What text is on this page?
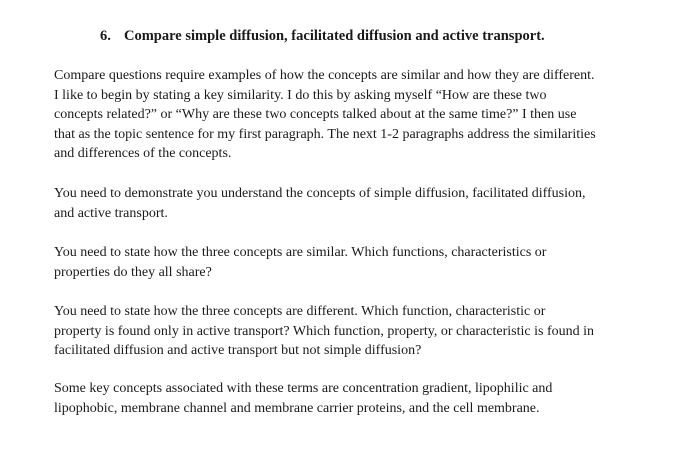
6. Compare simple diffusion, facilitated diffusion and active transport.

Compare questions require examples of how the concepts are similar and how they are different.
I like to begin by stating a key similarity. I do this by asking myself “How are these two
concepts related?” or “Why are these two concepts talked about at the same time?” I then use
that as the topic sentence for my first paragraph. The next 1-2 paragraphs address the similarities
and differences of the concepts.

You need to demonstrate you understand the concepts of simple diffusion, facilitated diffusion,
and active transport.

You need to state how the three concepts are similar. Which functions, characteristics or
properties do they all share?

You need to state how the three concepts are different. Which function, characteristic or
property is found only in active transport? Which function, property, or characteristic is found in
facilitated diffusion and active transport but not simple diffusion?

Some key concepts associated with these terms are concentration gradient, lipophilic and
lipophobic, membrane channel and membrane carrier proteins, and the cell membrane.
